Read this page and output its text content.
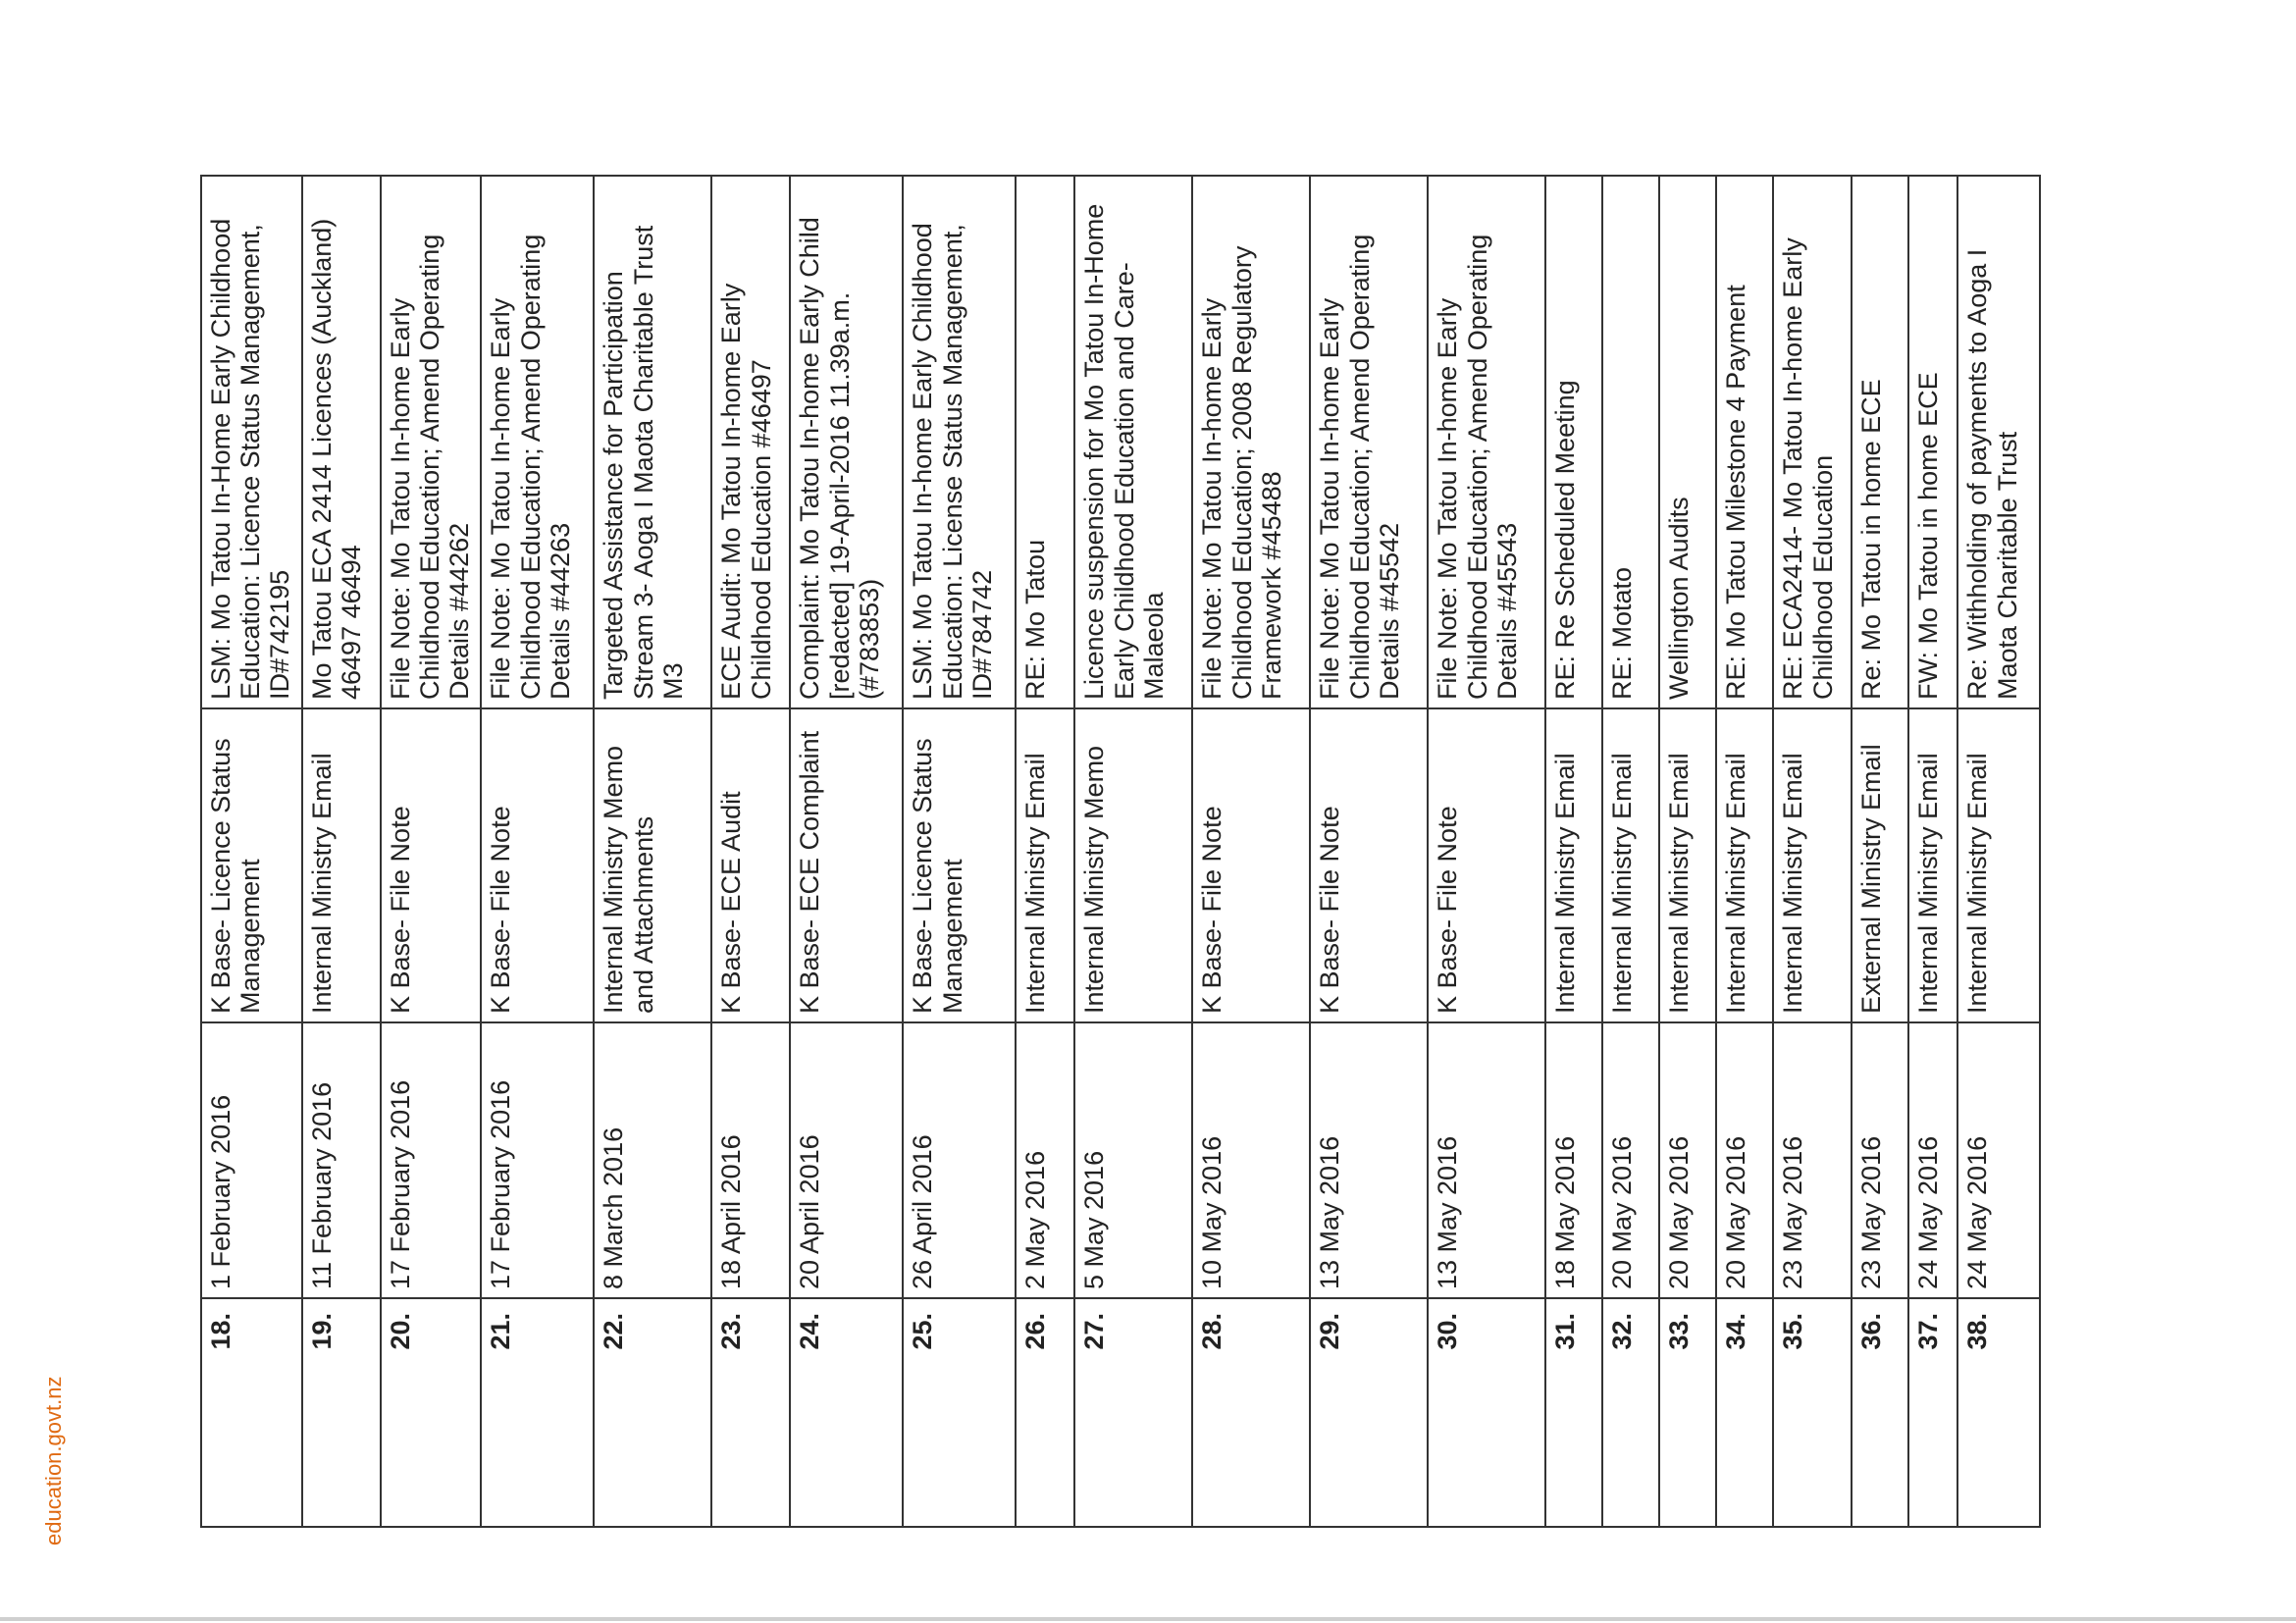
18.	1 February 2016	K Base- Licence Status Management	LSM: Mo Tatou In-Home Early Childhood Education: Licence Status Management, ID#742195
19.	11 February 2016	Internal Ministry Email	Mo Tatou ECA 2414 Licences (Auckland) 46497 46494
20.	17 February 2016	K Base- File Note	File Note: Mo Tatou In-home Early Childhood Education; Amend Operating Details #44262
21.	17 February 2016	K Base- File Note	File Note: Mo Tatou In-home Early Childhood Education; Amend Operating Details #44263
22.	8 March 2016	Internal Ministry Memo and Attachments	Targeted Assistance for Participation Stream 3- Aoga I Maota Charitable Trust M3
23.	18 April 2016	K Base- ECE Audit	ECE Audit: Mo Tatou In-home Early Childhood Education #46497
24.	20 April 2016	K Base- ECE Complaint	Complaint: Mo Tatou In-home Early Child [redacted] 19-April-2016 11.39a.m. (#783853)
25.	26 April 2016	K Base- Licence Status Management	LSM: Mo Tatou In-home Early Childhood Education: License Status Management, ID#784742
26.	2 May 2016	Internal Ministry Email	RE: Mo Tatou
27.	5 May 2016	Internal Ministry Memo	Licence suspension for Mo Tatou In-Home Early Childhood Education and Care- Malaeola
28.	10 May 2016	K Base- File Note	File Note: Mo Tatou In-home Early Childhood Education; 2008 Regulatory Framework #45488
29.	13 May 2016	K Base- File Note	File Note: Mo Tatou In-home Early Childhood Education; Amend Operating Details #45542
30.	13 May 2016	K Base- File Note	File Note: Mo Tatou In-home Early Childhood Education; Amend Operating Details #45543
31.	18 May 2016	Internal Ministry Email	RE: Re Scheduled Meeting
32.	20 May 2016	Internal Ministry Email	RE: Motato
33.	20 May 2016	Internal Ministry Email	Wellington Audits
34.	20 May 2016	Internal Ministry Email	RE: Mo Tatou Milestone 4 Payment
35.	23 May 2016	Internal Ministry Email	RE: ECA2414- Mo Tatou In-home Early Childhood Education
36.	23 May 2016	External Ministry Email	Re: Mo Tatou in home ECE
37.	24 May 2016	Internal Ministry Email	FW: Mo Tatou in home ECE
38.	24 May 2016	Internal Ministry Email	Re: Withholding of payments to Aoga I Maota Charitable Trust
education.govt.nz
